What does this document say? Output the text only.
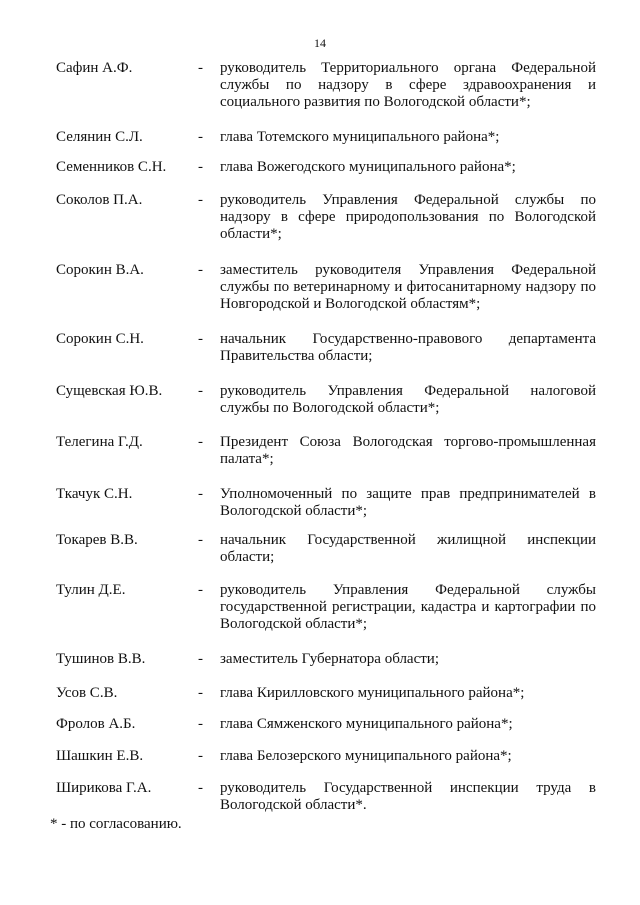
14
Сафин А.Ф.	-	руководитель Территориального органа Федеральной службы по надзору в сфере здравоохранения и социального развития по Вологодской области*;
Селянин С.Л.	-	глава Тотемского муниципального района*;
Семенников С.Н.	-	глава Вожегодского муниципального района*;
Соколов П.А.	-	руководитель Управления Федеральной службы по надзору в сфере природопользования по Вологодской области*;
Сорокин В.А.	-	заместитель руководителя Управления Федеральной службы по ветеринарному и фитосанитарному надзору по Новгородской и Вологодской областям*;
Сорокин С.Н.	-	начальник Государственно-правового департамента Правительства области;
Сущевская Ю.В.	-	руководитель Управления Федеральной налоговой службы по Вологодской области*;
Телегина Г.Д.	-	Президент Союза Вологодская торгово-промышленная палата*;
Ткачук С.Н.	-	Уполномоченный по защите прав предпринимателей в Вологодской области*;
Токарев В.В.	-	начальник Государственной жилищной инспекции области;
Тулин Д.Е.	-	руководитель Управления Федеральной службы государственной регистрации, кадастра и картографии по Вологодской области*;
Тушинов В.В.	-	заместитель Губернатора области;
Усов С.В.	-	глава Кирилловского муниципального района*;
Фролов А.Б.	-	глава Сямженского муниципального района*;
Шашкин Е.В.	-	глава Белозерского муниципального района*;
Ширикова Г.А.	-	руководитель Государственной инспекции труда в Вологодской области*.
* - по согласованию.
